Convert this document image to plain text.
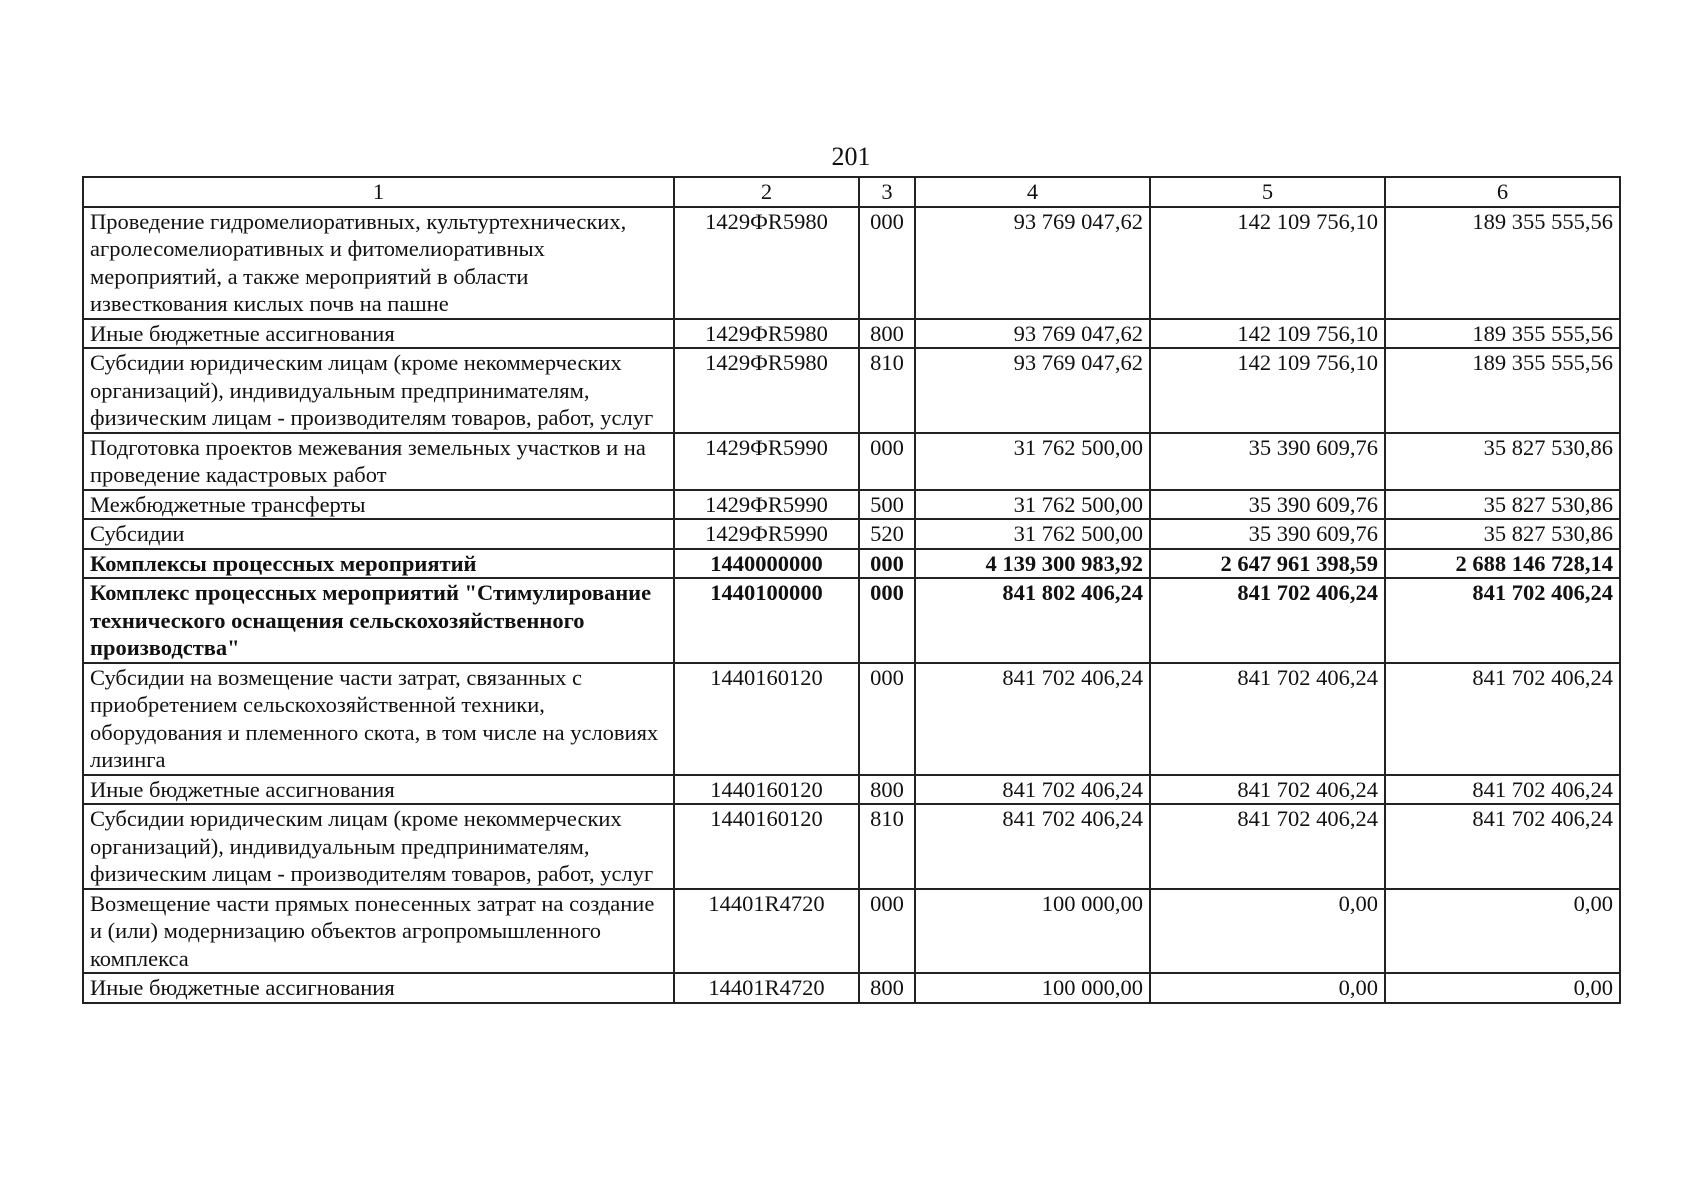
201
1	2	3	4	5	6
Проведение гидромелиоративных, культуртехнических, агролесомелиоративных и фитомелиоративных мероприятий, а также мероприятий в области известкования кислых почв на пашне	1429ФR5980	000	93 769 047,62	142 109 756,10	189 355 555,56
Иные бюджетные ассигнования	1429ФR5980	800	93 769 047,62	142 109 756,10	189 355 555,56
Субсидии юридическим лицам (кроме некоммерческих организаций), индивидуальным предпринимателям, физическим лицам - производителям товаров, работ, услуг	1429ФR5980	810	93 769 047,62	142 109 756,10	189 355 555,56
Подготовка проектов межевания земельных участков и на проведение кадастровых работ	1429ФR5990	000	31 762 500,00	35 390 609,76	35 827 530,86
Межбюджетные трансферты	1429ФR5990	500	31 762 500,00	35 390 609,76	35 827 530,86
Субсидии	1429ФR5990	520	31 762 500,00	35 390 609,76	35 827 530,86
Комплексы процессных мероприятий	1440000000	000	4 139 300 983,92	2 647 961 398,59	2 688 146 728,14
Комплекс процессных мероприятий "Стимулирование технического оснащения сельскохозяйственного производства"	1440100000	000	841 802 406,24	841 702 406,24	841 702 406,24
Субсидии на возмещение части затрат, связанных с приобретением сельскохозяйственной техники, оборудования и племенного скота, в том числе на условиях лизинга	1440160120	000	841 702 406,24	841 702 406,24	841 702 406,24
Иные бюджетные ассигнования	1440160120	800	841 702 406,24	841 702 406,24	841 702 406,24
Субсидии юридическим лицам (кроме некоммерческих организаций), индивидуальным предпринимателям, физическим лицам - производителям товаров, работ, услуг	1440160120	810	841 702 406,24	841 702 406,24	841 702 406,24
Возмещение части прямых понесенных затрат на создание и (или) модернизацию объектов агропромышленного комплекса	14401R4720	000	100 000,00	0,00	0,00
Иные бюджетные ассигнования	14401R4720	800	100 000,00	0,00	0,00
